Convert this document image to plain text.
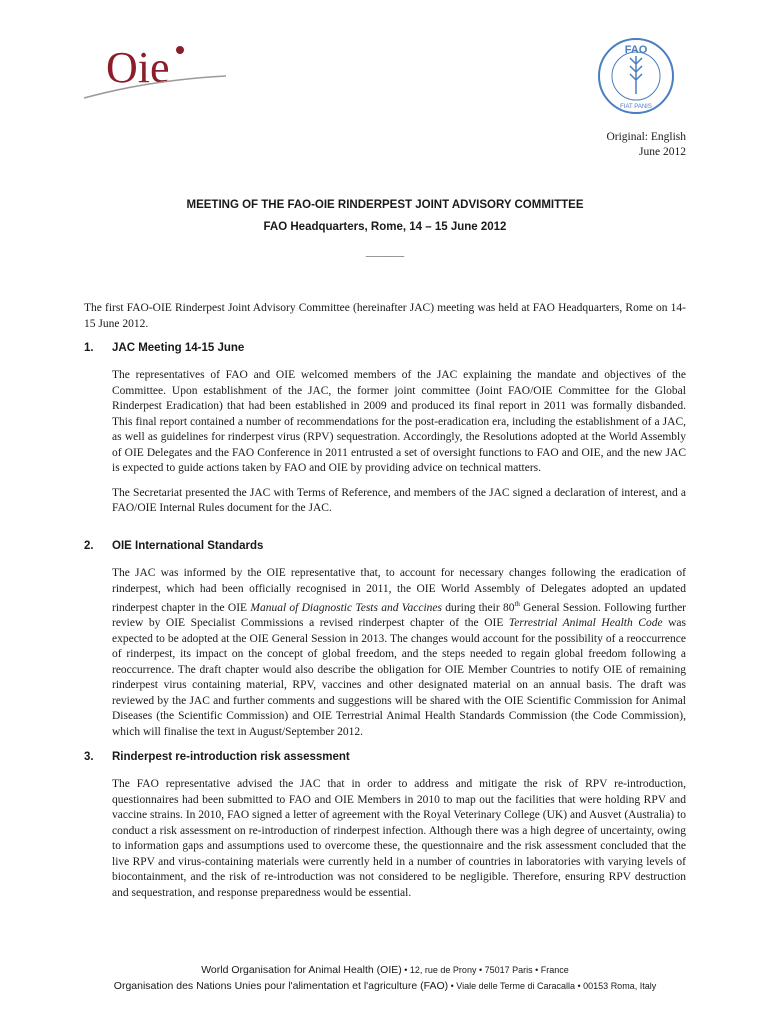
Oie	FAO
FIAT PANIS
Original: English
June 2012
MEETING OF THE FAO-OIE RINDERPEST JOINT ADVISORY COMMITTEE
FAO Headquarters, Rome, 14 – 15 June 2012
______

The first FAO-OIE Rinderpest Joint Advisory Committee (hereinafter JAC) meeting was held at FAO Headquarters, Rome on 14-15 June 2012.

1.	JAC Meeting 14-15 June

The representatives of FAO and OIE welcomed members of the JAC explaining the mandate and objectives of the Committee. Upon establishment of the JAC, the former joint committee (Joint FAO/OIE Committee for the Global Rinderpest Eradication) that had been established in 2009 and produced its final report in 2011 was formally disbanded. This final report contained a number of recommendations for the post-eradication era, including the establishment of a JAC, as well as guidelines for rinderpest virus (RPV) sequestration. Accordingly, the Resolutions adopted at the World Assembly of OIE Delegates and the FAO Conference in 2011 entrusted a set of oversight functions to FAO and OIE, and the new JAC is expected to guide actions taken by FAO and OIE by providing advice on technical matters.

The Secretariat presented the JAC with Terms of Reference, and members of the JAC signed a declaration of interest, and a FAO/OIE Internal Rules document for the JAC.

2.	OIE International Standards

The JAC was informed by the OIE representative that, to account for necessary changes following the eradication of rinderpest, which had been officially recognised in 2011, the OIE World Assembly of Delegates adopted an updated rinderpest chapter in the OIE Manual of Diagnostic Tests and Vaccines during their 80th General Session. Following further review by OIE Specialist Commissions a revised rinderpest chapter of the OIE Terrestrial Animal Health Code was expected to be adopted at the OIE General Session in 2013. The changes would account for the possibility of a reoccurrence of rinderpest, its impact on the concept of global freedom, and the steps needed to regain global freedom following a reoccurrence. The draft chapter would also describe the obligation for OIE Member Countries to notify OIE of remaining rinderpest virus containing material, RPV, vaccines and other designated material on an annual basis. The draft was reviewed by the JAC and further comments and suggestions will be shared with the OIE Scientific Commission for Animal Diseases (the Scientific Commission) and OIE Terrestrial Animal Health Standards Commission (the Code Commission), which will finalise the text in August/September 2012.

3.	Rinderpest re-introduction risk assessment

The FAO representative advised the JAC that in order to address and mitigate the risk of RPV re-introduction, questionnaires had been submitted to FAO and OIE Members in 2010 to map out the facilities that were holding RPV and vaccine strains. In 2010, FAO signed a letter of agreement with the Royal Veterinary College (UK) and Ausvet (Australia) to conduct a risk assessment on re-introduction of rinderpest infection. Although there was a high degree of uncertainty, owing to information gaps and assumptions used to overcome these, the questionnaire and the risk assessment concluded that the live RPV and virus-containing materials were currently held in a number of countries in laboratories with varying levels of biocontainment, and the risk of re-introduction was not considered to be negligible. Therefore, ensuring RPV destruction and sequestration, and response preparedness would be essential.

World Organisation for Animal Health (OIE) • 12, rue de Prony • 75017 Paris • France
Organisation des Nations Unies pour l'alimentation et l'agriculture (FAO) • Viale delle Terme di Caracalla • 00153 Roma, Italy
